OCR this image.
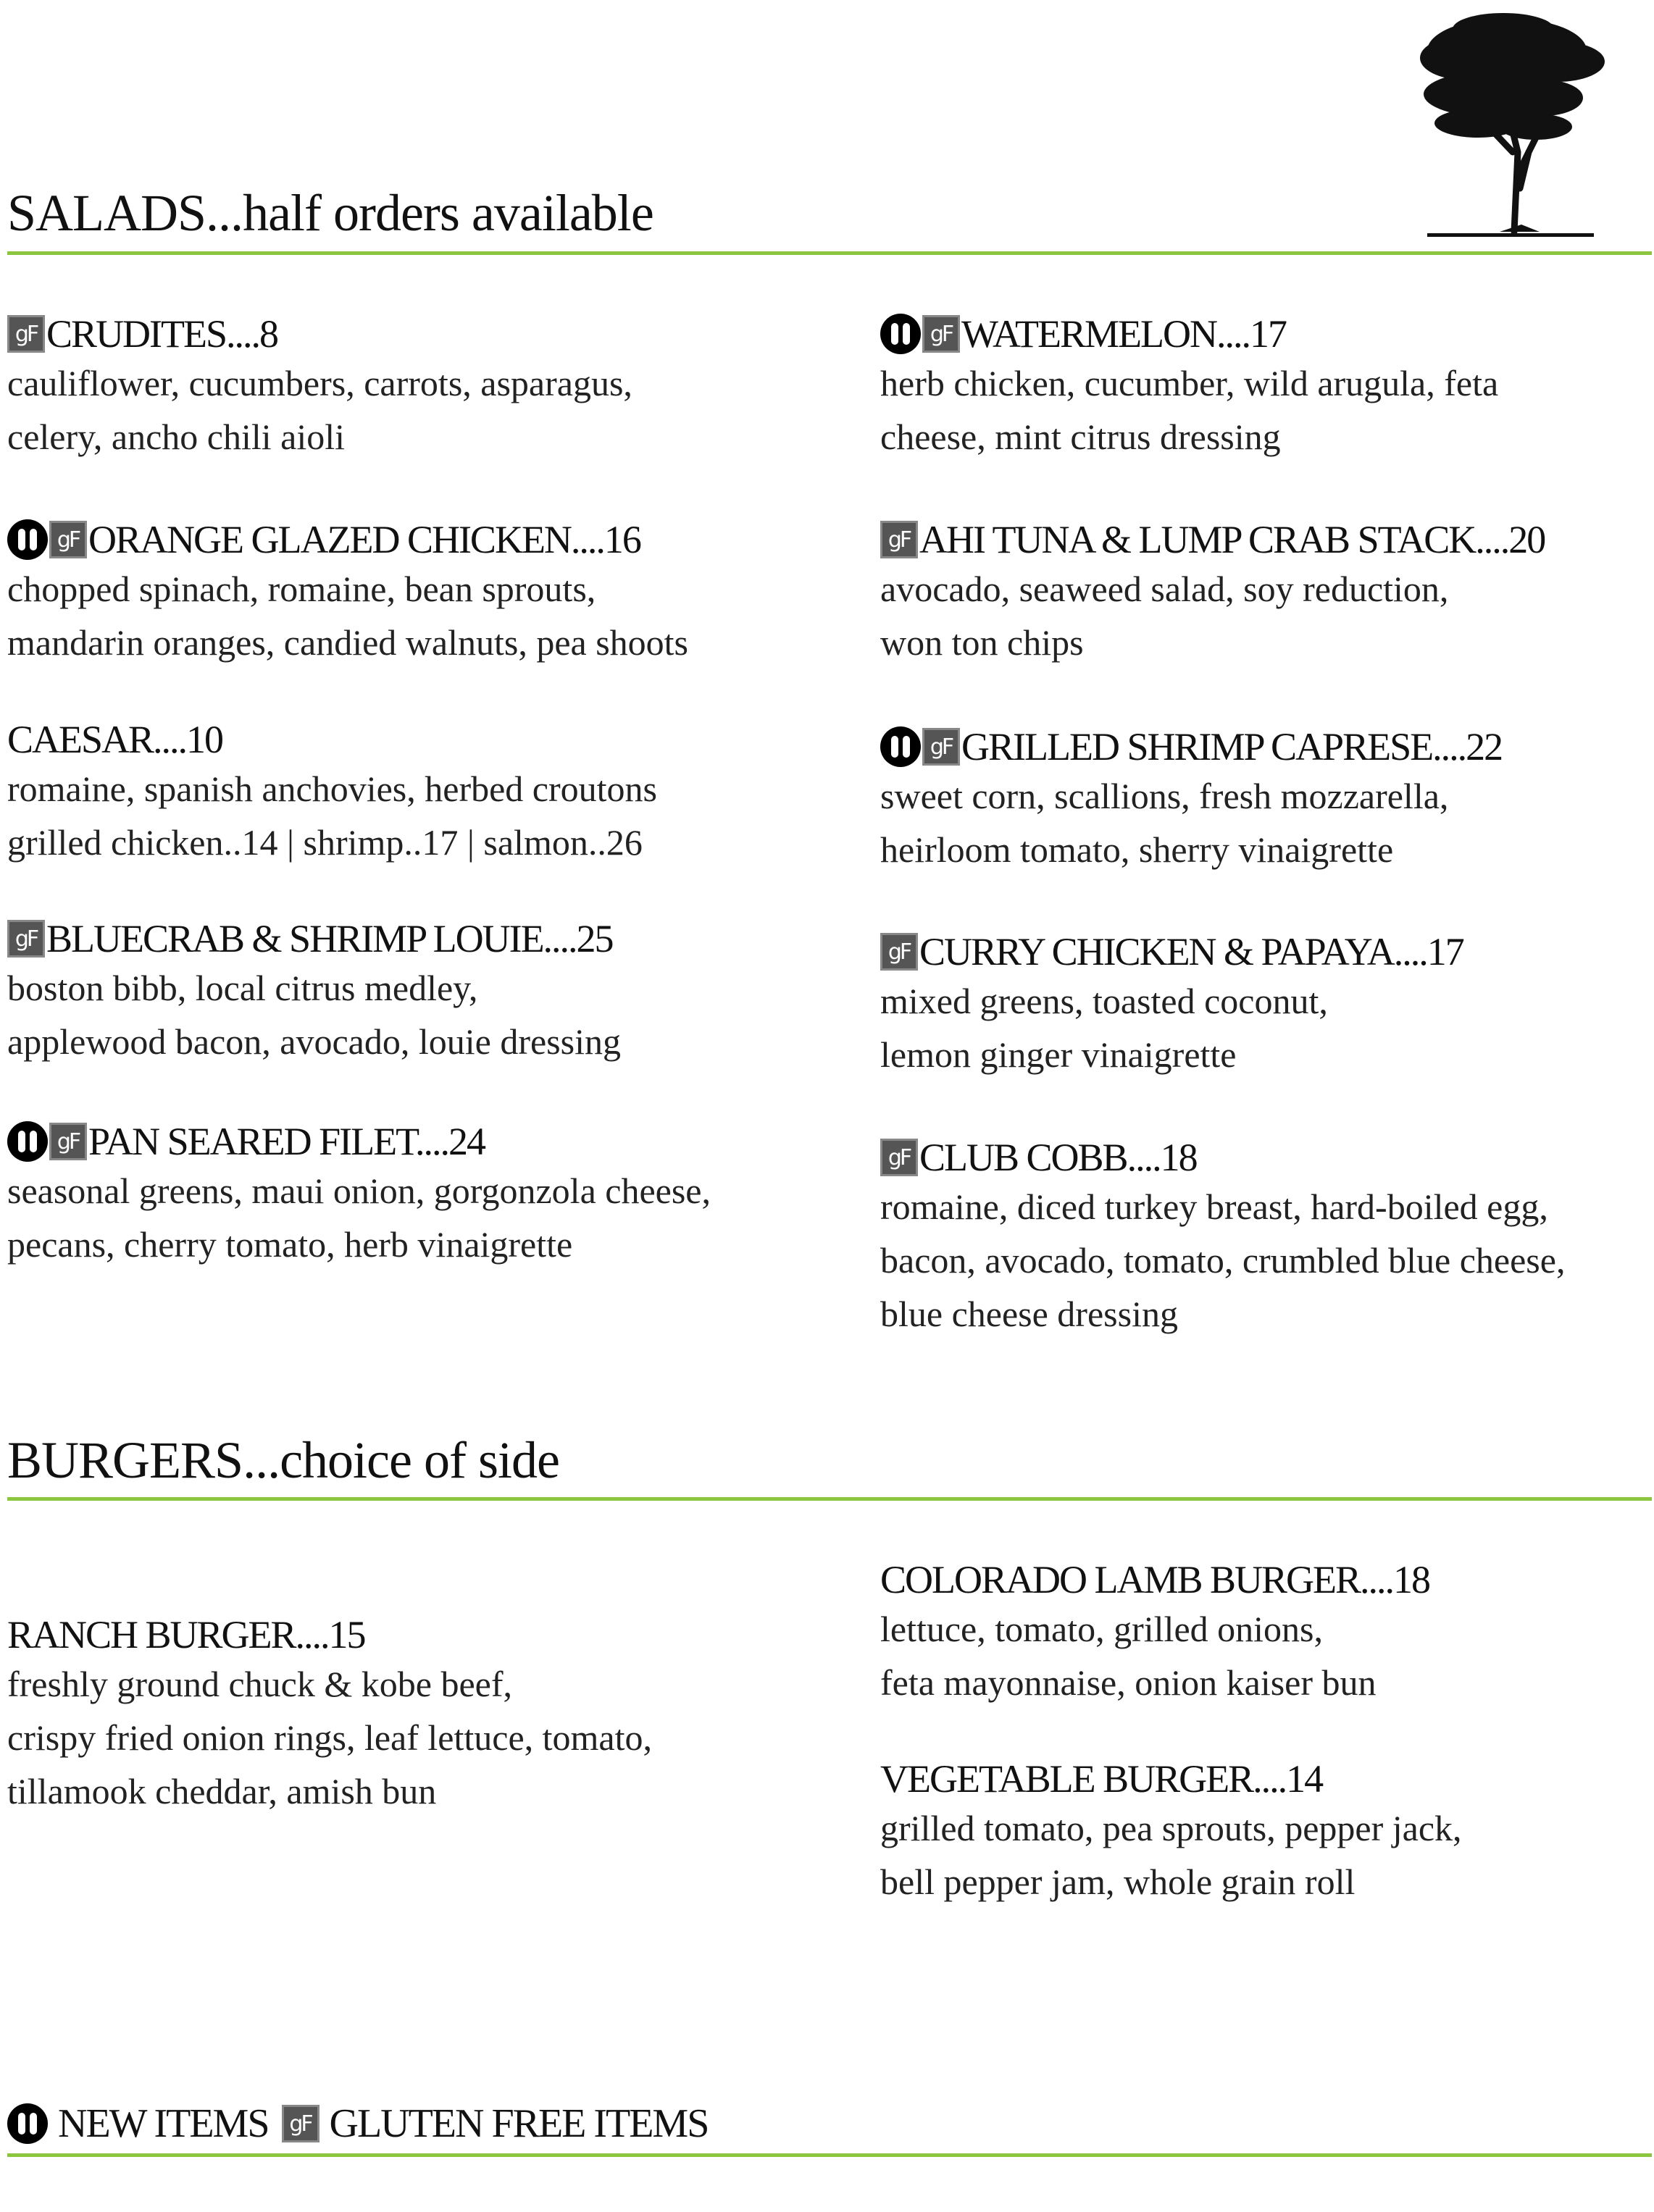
SALADS...half orders available
gF CRUDITES....8
cauliflower, cucumbers, carrots, asparagus,
celery, ancho chili aioli
gF ORANGE GLAZED CHICKEN....16
chopped spinach, romaine, bean sprouts,
mandarin oranges, candied walnuts, pea shoots
CAESAR....10
romaine, spanish anchovies, herbed croutons
grilled chicken..14 | shrimp..17 | salmon..26
gF BLUECRAB & SHRIMP LOUIE....25
boston bibb, local citrus medley,
applewood bacon, avocado, louie dressing
gF PAN SEARED FILET....24
seasonal greens, maui onion, gorgonzola cheese,
pecans, cherry tomato, herb vinaigrette
gF WATERMELON....17
herb chicken, cucumber, wild arugula, feta
cheese, mint citrus dressing
gF AHI TUNA & LUMP CRAB STACK....20
avocado, seaweed salad, soy reduction,
won ton chips
gF GRILLED SHRIMP CAPRESE....22
sweet corn, scallions, fresh mozzarella,
heirloom tomato, sherry vinaigrette
gF CURRY CHICKEN & PAPAYA....17
mixed greens, toasted coconut,
lemon ginger vinaigrette
gF CLUB COBB....18
romaine, diced turkey breast, hard-boiled egg,
bacon, avocado, tomato, crumbled blue cheese,
blue cheese dressing
BURGERS...choice of side
RANCH BURGER....15
freshly ground chuck & kobe beef,
crispy fried onion rings, leaf lettuce, tomato,
tillamook cheddar, amish bun
COLORADO LAMB BURGER....18
lettuce, tomato, grilled onions,
feta mayonnaise, onion kaiser bun
VEGETABLE BURGER....14
grilled tomato, pea sprouts, pepper jack,
bell pepper jam, whole grain roll
NEW ITEMS gF GLUTEN FREE ITEMS
